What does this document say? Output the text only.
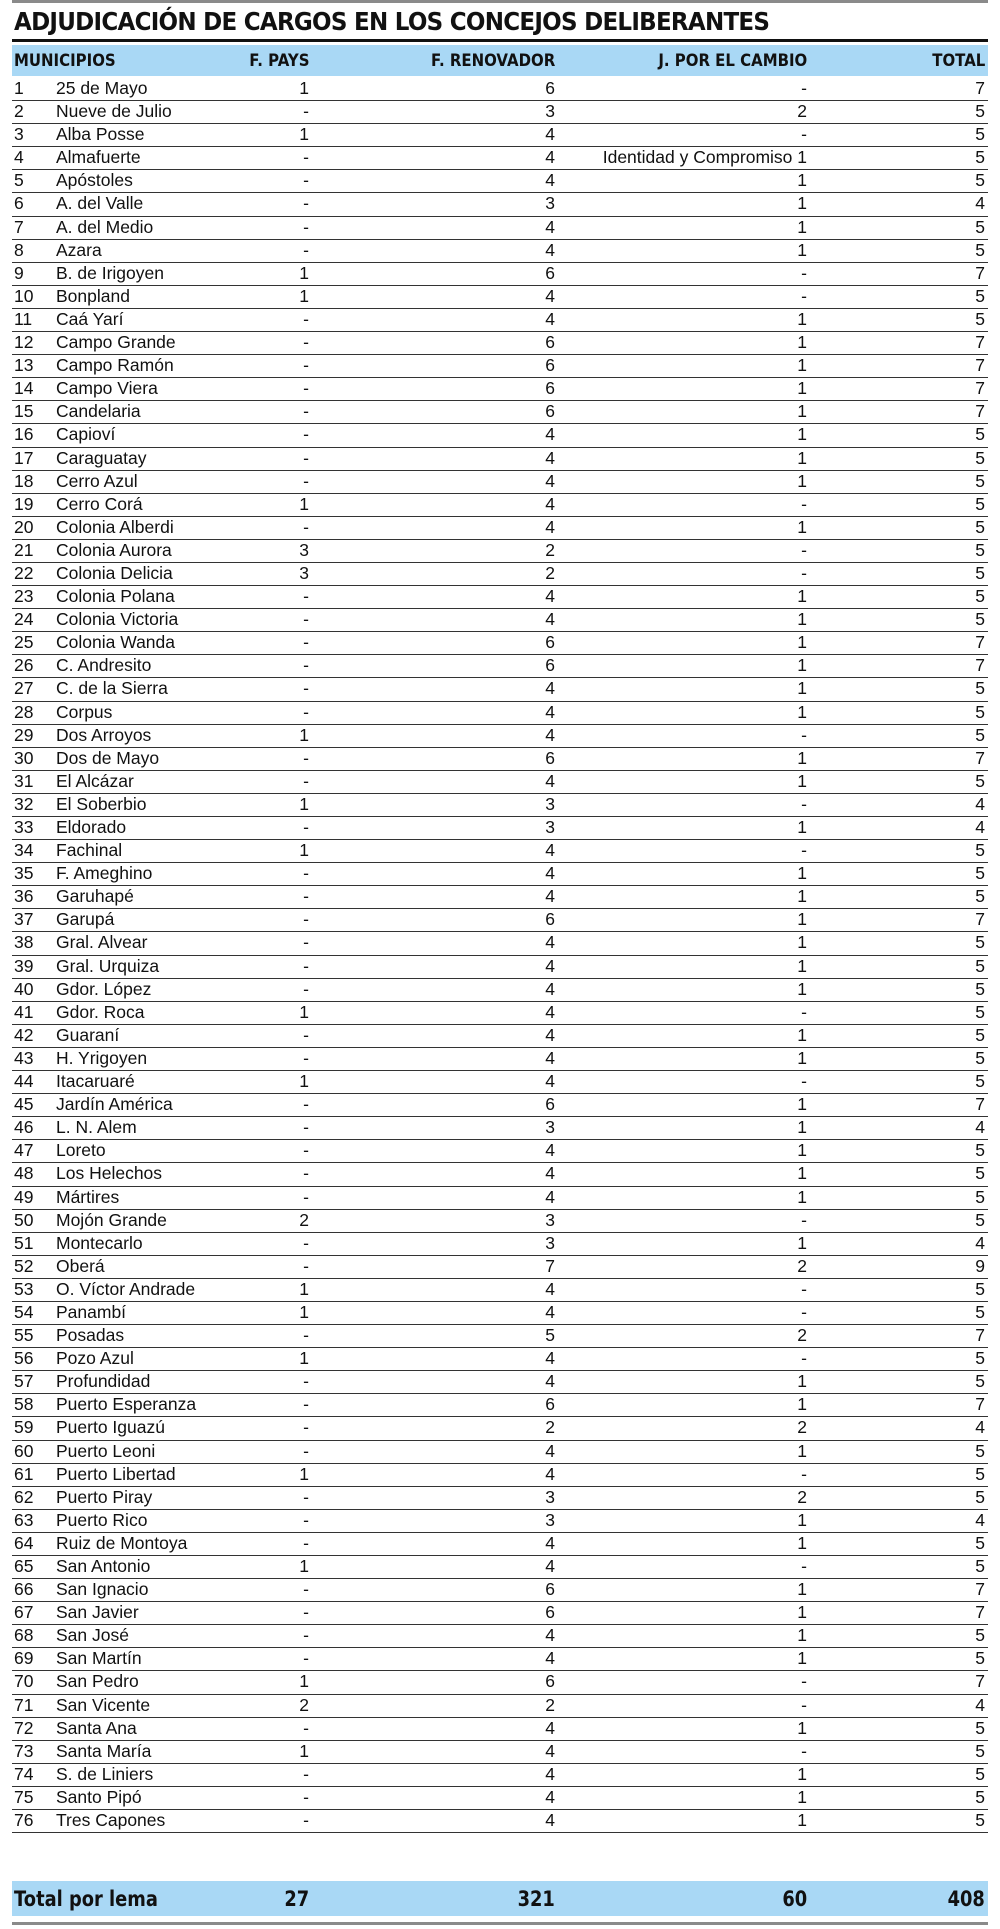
ADJUDICACIÓN DE CARGOS EN LOS CONCEJOS DELIBERANTES
MUNICIPIOS	F. PAYS	F. RENOVADOR	J. POR EL CAMBIO	TOTAL
1 25 de Mayo	1	6	-	7
2 Nueve de Julio	-	3	2	5
3 Alba Posse	1	4	-	5
4 Almafuerte	-	4	Identidad y Compromiso 1	5
5 Apóstoles	-	4	1	5
6 A. del Valle	-	3	1	4
7 A. del Medio	-	4	1	5
8 Azara	-	4	1	5
9 B. de Irigoyen	1	6	-	7
10 Bonpland	1	4	-	5
11 Caá Yarí	-	4	1	5
12 Campo Grande	-	6	1	7
13 Campo Ramón	-	6	1	7
14 Campo Viera	-	6	1	7
15 Candelaria	-	6	1	7
16 Capioví	-	4	1	5
17 Caraguatay	-	4	1	5
18 Cerro Azul	-	4	1	5
19 Cerro Corá	1	4	-	5
20 Colonia Alberdi	-	4	1	5
21 Colonia Aurora	3	2	-	5
22 Colonia Delicia	3	2	-	5
23 Colonia Polana	-	4	1	5
24 Colonia Victoria	-	4	1	5
25 Colonia Wanda	-	6	1	7
26 C. Andresito	-	6	1	7
27 C. de la Sierra	-	4	1	5
28 Corpus	-	4	1	5
29 Dos Arroyos	1	4	-	5
30 Dos de Mayo	-	6	1	7
31 El Alcázar	-	4	1	5
32 El Soberbio	1	3	-	4
33 Eldorado	-	3	1	4
34 Fachinal	1	4	-	5
35 F. Ameghino	-	4	1	5
36 Garuhapé	-	4	1	5
37 Garupá	-	6	1	7
38 Gral. Alvear	-	4	1	5
39 Gral. Urquiza	-	4	1	5
40 Gdor. López	-	4	1	5
41 Gdor. Roca	1	4	-	5
42 Guaraní	-	4	1	5
43 H. Yrigoyen	-	4	1	5
44 Itacaruaré	1	4	-	5
45 Jardín América	-	6	1	7
46 L. N. Alem	-	3	1	4
47 Loreto	-	4	1	5
48 Los Helechos	-	4	1	5
49 Mártires	-	4	1	5
50 Mojón Grande	2	3	-	5
51 Montecarlo	-	3	1	4
52 Oberá	-	7	2	9
53 O. Víctor Andrade	1	4	-	5
54 Panambí	1	4	-	5
55 Posadas	-	5	2	7
56 Pozo Azul	1	4	-	5
57 Profundidad	-	4	1	5
58 Puerto Esperanza	-	6	1	7
59 Puerto Iguazú	-	2	2	4
60 Puerto Leoni	-	4	1	5
61 Puerto Libertad	1	4	-	5
62 Puerto Piray	-	3	2	5
63 Puerto Rico	-	3	1	4
64 Ruiz de Montoya	-	4	1	5
65 San Antonio	1	4	-	5
66 San Ignacio	-	6	1	7
67 San Javier	-	6	1	7
68 San José	-	4	1	5
69 San Martín	-	4	1	5
70 San Pedro	1	6	-	7
71 San Vicente	2	2	-	4
72 Santa Ana	-	4	1	5
73 Santa María	1	4	-	5
74 S. de Liniers	-	4	1	5
75 Santo Pipó	-	4	1	5
76 Tres Capones	-	4	1	5
Total por lema	27	321	60	408
